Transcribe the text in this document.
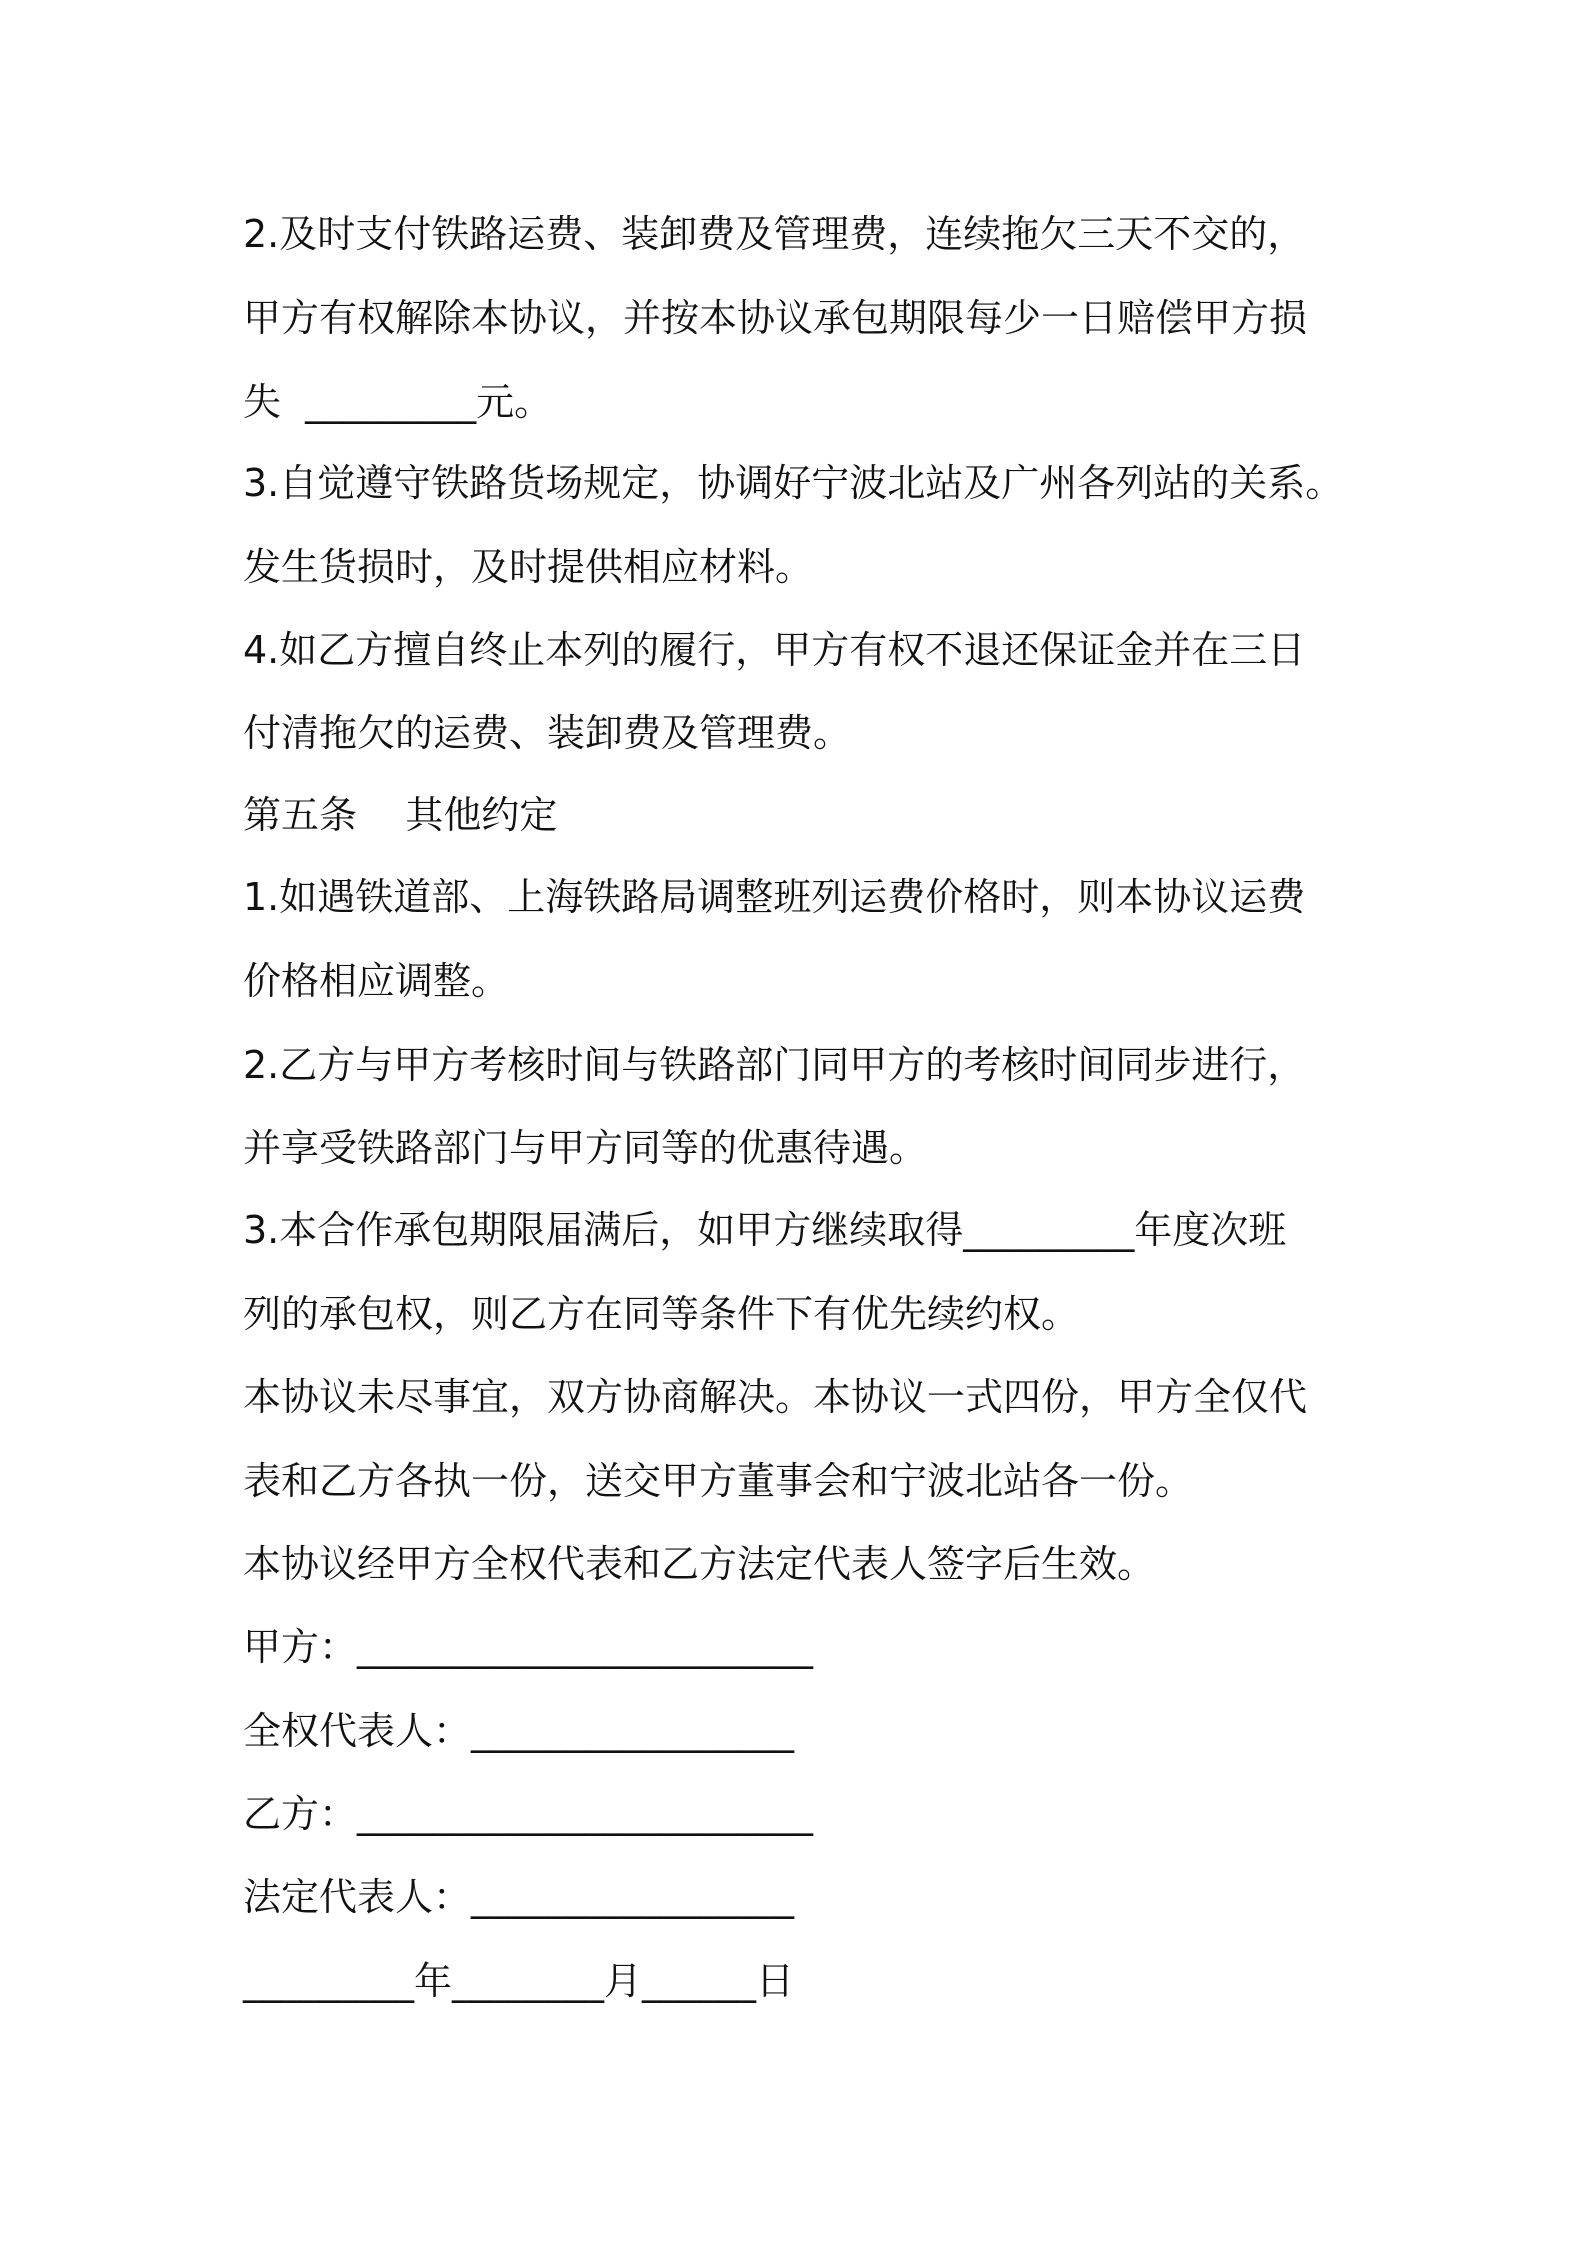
2.及时支付铁路运费、装卸费及管理费，连续拖欠三天不交的，
甲方有权解除本协议，并按本协议承包期限每少一日赔偿甲方损
失  _________元。
3.自觉遵守铁路货场规定，协调好宁波北站及广州各列站的关系。
发生货损时，及时提供相应材料。
4.如乙方擅自终止本列的履行，甲方有权不退还保证金并在三日
付清拖欠的运费、装卸费及管理费。
第五条    其他约定
1.如遇铁道部、上海铁路局调整班列运费价格时，则本协议运费
价格相应调整。
2.乙方与甲方考核时间与铁路部门同甲方的考核时间同步进行，
并享受铁路部门与甲方同等的优惠待遇。
3.本合作承包期限届满后，如甲方继续取得_________年度次班
列的承包权，则乙方在同等条件下有优先续约权。
本协议未尽事宜，双方协商解决。本协议一式四份，甲方全仅代
表和乙方各执一份，送交甲方董事会和宁波北站各一份。
本协议经甲方全权代表和乙方法定代表人签字后生效。
甲方：________________________
全权代表人：_________________
乙方：________________________
法定代表人：_________________
_________年________月______日
